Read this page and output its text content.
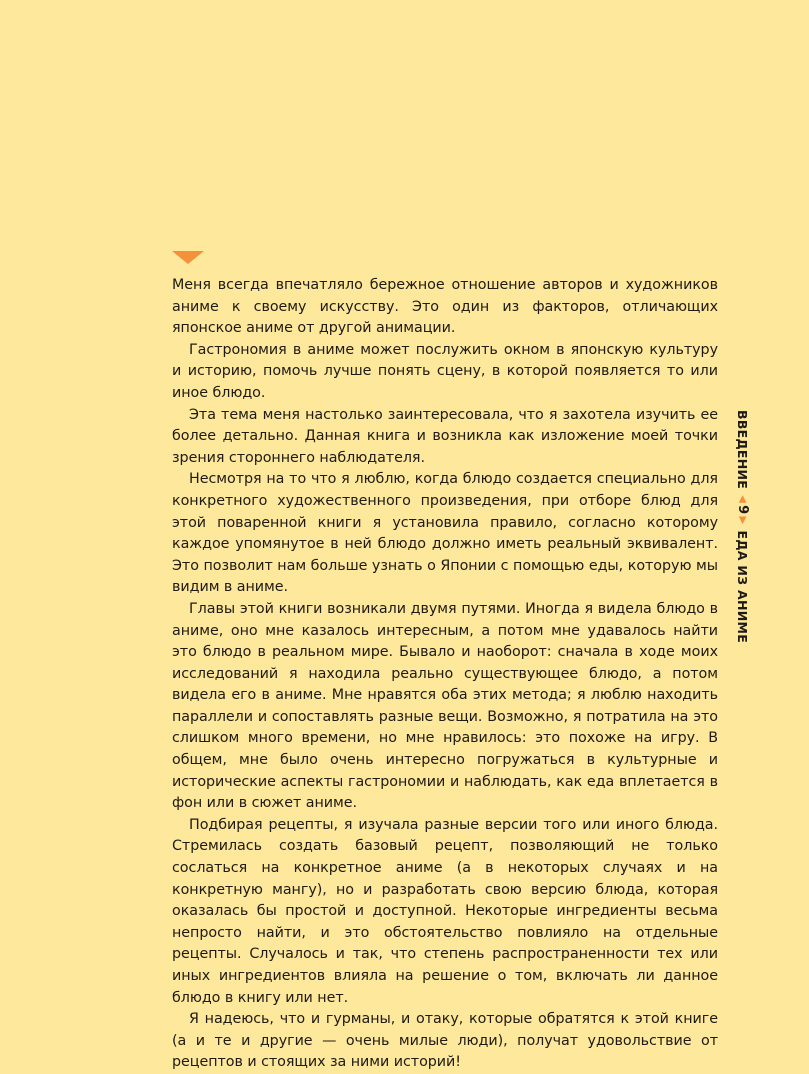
Меня всегда впечатляло бережное отношение авторов и художников аниме к своему искусству. Это один из факторов, отличающих японское аниме от другой анимации.

Гастрономия в аниме может послужить окном в японскую культуру и историю, помочь лучше понять сцену, в которой появляется то или иное блюдо.

Эта тема меня настолько заинтересовала, что я захотела изучить ее более детально. Данная книга и возникла как изложение моей точки зрения стороннего наблюдателя.

Несмотря на то что я люблю, когда блюдо создается специально для конкретного художественного произведения, при отборе блюд для этой поваренной книги я установила правило, согласно которому каждое упомянутое в ней блюдо должно иметь реальный эквивалент. Это позволит нам больше узнать о Японии с помощью еды, которую мы видим в аниме.

Главы этой книги возникали двумя путями. Иногда я видела блюдо в аниме, оно мне казалось интересным, а потом мне удавалось найти это блюдо в реальном мире. Бывало и наоборот: сначала в ходе моих исследований я находила реально существующее блюдо, а потом видела его в аниме. Мне нравятся оба этих метода; я люблю находить параллели и сопоставлять разные вещи. Возможно, я потратила на это слишком много времени, но мне нравилось: это похоже на игру. В общем, мне было очень интересно погружаться в культурные и исторические аспекты гастрономии и наблюдать, как еда вплетается в фон или в сюжет аниме.

Подбирая рецепты, я изучала разные версии того или иного блюда. Стремилась создать базовый рецепт, позволяющий не только сослаться на конкретное аниме (а в некоторых случаях и на конкретную мангу), но и разработать свою версию блюда, которая оказалась бы простой и доступной. Некоторые ингредиенты весьма непросто найти, и это обстоятельство повлияло на отдельные рецепты. Случалось и так, что степень распространенности тех или иных ингредиентов влияла на решение о том, включать ли данное блюдо в книгу или нет.

Я надеюсь, что и гурманы, и отаку, которые обратятся к этой книге (а и те и другие — очень милые люди), получат удовольствие от рецептов и стоящих за ними историй!

ВВЕДЕНИЕ
◀
9
▶
ЕДА ИЗ АНИМЕ
